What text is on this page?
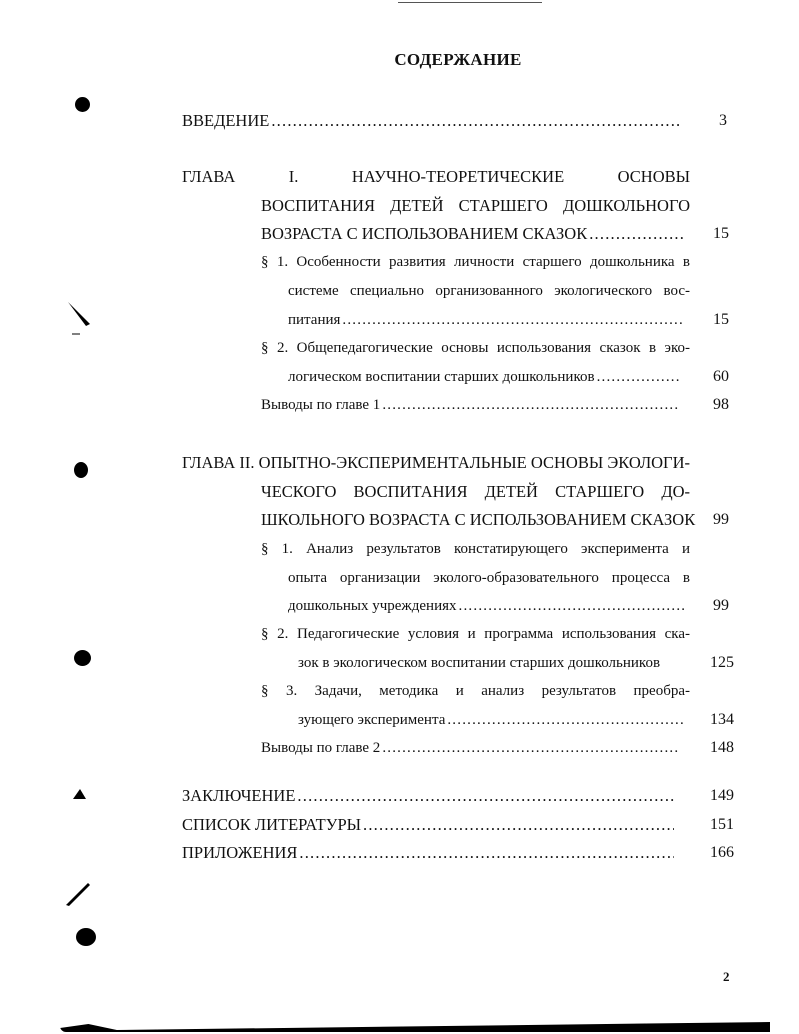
СОДЕРЖАНИЕ
ВВЕДЕНИЕ .....	3
ГЛАВА I. НАУЧНО-ТЕОРЕТИЧЕСКИЕ ОСНОВЫ
ВОСПИТАНИЯ ДЕТЕЙ СТАРШЕГО ДОШКОЛЬНОГО
ВОЗРАСТА С ИСПОЛЬЗОВАНИЕМ СКАЗОК .....	15
§ 1. Особенности развития личности старшего дошкольника в
системе специально организованного экологического вос-
питания .....	15
§ 2. Общепедагогические основы использования сказок в эко-
логическом воспитании старших дошкольников .....	60
Выводы по главе 1 .....	98
ГЛАВА II. ОПЫТНО-ЭКСПЕРИМЕНТАЛЬНЫЕ ОСНОВЫ ЭКОЛОГИ-
ЧЕСКОГО ВОСПИТАНИЯ ДЕТЕЙ СТАРШЕГО ДО-
ШКОЛЬНОГО ВОЗРАСТА С ИСПОЛЬЗОВАНИЕМ СКАЗОК	99
§ 1. Анализ результатов констатирующего эксперимента и
опыта организации эколого-образовательного процесса в
дошкольных учреждениях .....	99
§ 2. Педагогические условия и программа использования ска-
зок в экологическом воспитании старших дошкольников	125
§ 3. Задачи, методика и анализ результатов преобра-
зующего эксперимента .....	134
Выводы по главе 2 .....	148
ЗАКЛЮЧЕНИЕ .....	149
СПИСОК ЛИТЕРАТУРЫ .....	151
ПРИЛОЖЕНИЯ .....	166
2
